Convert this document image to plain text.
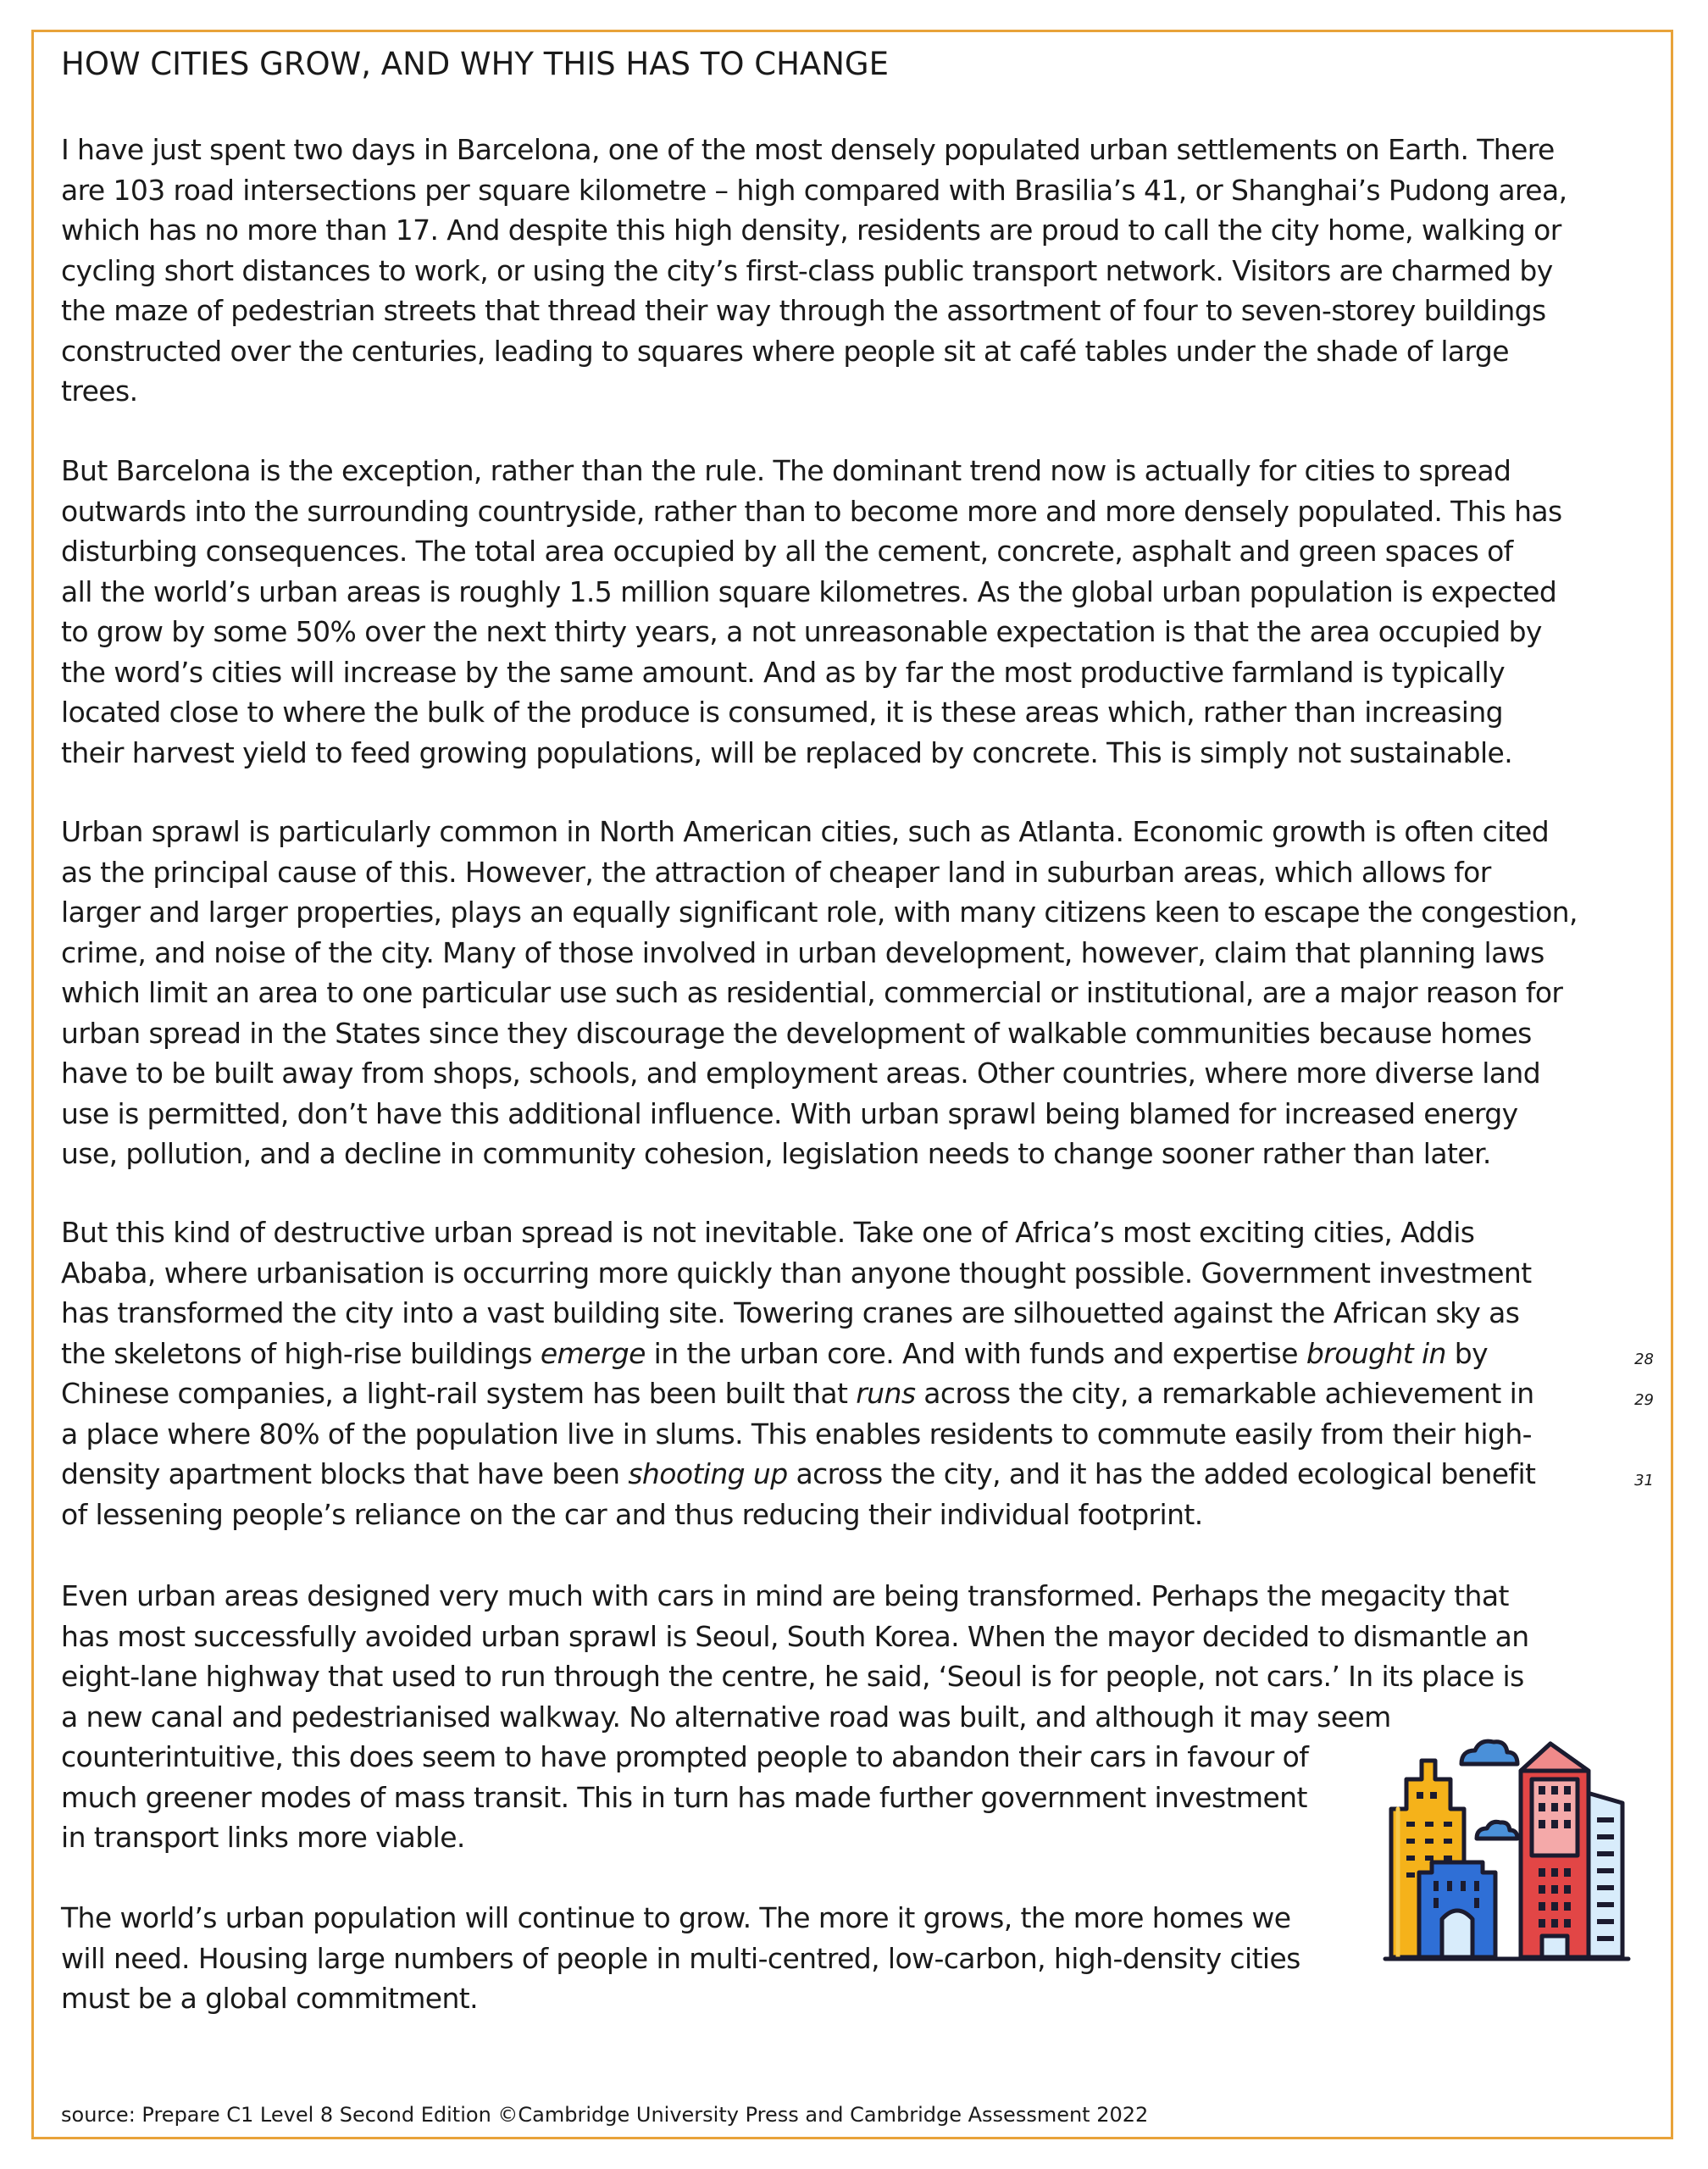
HOW CITIES GROW, AND WHY THIS HAS TO CHANGE
I have just spent two days in Barcelona, one of the most densely populated urban settlements on Earth. There
are 103 road intersections per square kilometre – high compared with Brasilia’s 41, or Shanghai’s Pudong area,
which has no more than 17. And despite this high density, residents are proud to call the city home, walking or
cycling short distances to work, or using the city’s first-class public transport network. Visitors are charmed by
the maze of pedestrian streets that thread their way through the assortment of four to seven-storey buildings
constructed over the centuries, leading to squares where people sit at café tables under the shade of large
trees.
But Barcelona is the exception, rather than the rule. The dominant trend now is actually for cities to spread
outwards into the surrounding countryside, rather than to become more and more densely populated. This has
disturbing consequences. The total area occupied by all the cement, concrete, asphalt and green spaces of
all the world’s urban areas is roughly 1.5 million square kilometres. As the global urban population is expected
to grow by some 50% over the next thirty years, a not unreasonable expectation is that the area occupied by
the word’s cities will increase by the same amount. And as by far the most productive farmland is typically
located close to where the bulk of the produce is consumed, it is these areas which, rather than increasing
their harvest yield to feed growing populations, will be replaced by concrete. This is simply not sustainable.
Urban sprawl is particularly common in North American cities, such as Atlanta. Economic growth is often cited
as the principal cause of this. However, the attraction of cheaper land in suburban areas, which allows for
larger and larger properties, plays an equally significant role, with many citizens keen to escape the congestion,
crime, and noise of the city. Many of those involved in urban development, however, claim that planning laws
which limit an area to one particular use such as residential, commercial or institutional, are a major reason for
urban spread in the States since they discourage the development of walkable communities because homes
have to be built away from shops, schools, and employment areas. Other countries, where more diverse land
use is permitted, don’t have this additional influence. With urban sprawl being blamed for increased energy
use, pollution, and a decline in community cohesion, legislation needs to change sooner rather than later.
But this kind of destructive urban spread is not inevitable. Take one of Africa’s most exciting cities, Addis
Ababa, where urbanisation is occurring more quickly than anyone thought possible. Government investment
has transformed the city into a vast building site. Towering cranes are silhouetted against the African sky as
the skeletons of high-rise buildings emerge in the urban core. And with funds and expertise brought in by
Chinese companies, a light-rail system has been built that runs across the city, a remarkable achievement in
a place where 80% of the population live in slums. This enables residents to commute easily from their high-
density apartment blocks that have been shooting up across the city, and it has the added ecological benefit
of lessening people’s reliance on the car and thus reducing their individual footprint.
28
29
31
Even urban areas designed very much with cars in mind are being transformed. Perhaps the megacity that
has most successfully avoided urban sprawl is Seoul, South Korea. When the mayor decided to dismantle an
eight-lane highway that used to run through the centre, he said, ‘Seoul is for people, not cars.’ In its place is
a new canal and pedestrianised walkway. No alternative road was built, and although it may seem
counterintuitive, this does seem to have prompted people to abandon their cars in favour of
much greener modes of mass transit. This in turn has made further government investment
in transport links more viable.
The world’s urban population will continue to grow. The more it grows, the more homes we
will need. Housing large numbers of people in multi-centred, low-carbon, high-density cities
must be a global commitment.
source: Prepare C1 Level 8 Second Edition ©Cambridge University Press and Cambridge Assessment 2022
